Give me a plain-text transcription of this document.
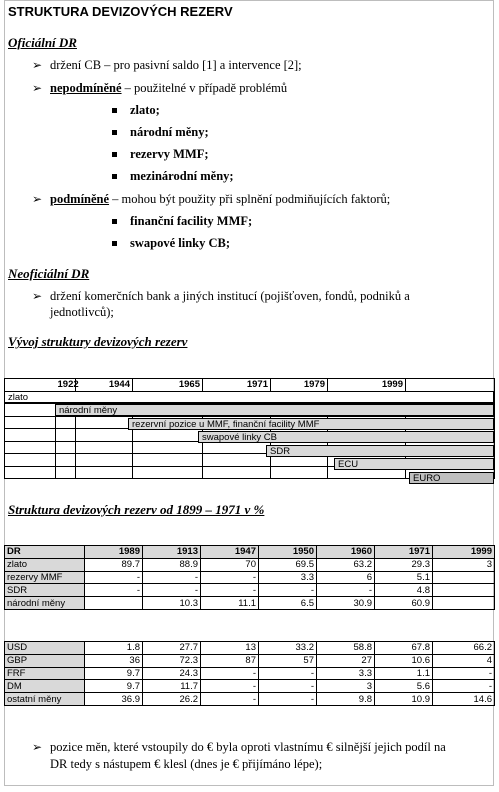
STRUKTURA DEVIZOVÝCH REZERV
Oficiální DR
➢ držení CB – pro pasivní saldo [1] a intervence [2];
➢ nepodmíněné – použitelné v případě problémů
zlato;
národní měny;
rezervy MMF;
mezinárodní měny;
➢ podmíněné – mohou být použity při splnění podmiňujících faktorů;
finanční facility MMF;
swapové linky CB;
Neoficiální DR
➢ držení komerčních bank a jiných institucí (pojišťoven, fondů, podniků a
jednotlivců);
Vývoj struktury devizových rezerv
	1922	1944	1965	1971	1979	1999	

zlato
národní měny
rezervní pozice u MMF, finanční facility MMF
swapové linky CB
SDR
ECU
EURO
Struktura devizových rezerv od 1899 – 1971 v %
DR	1989	1913	1947	1950	1960	1971	1999
zlato	89.7	88.9	70	69.5	63.2	29.3	3
rezervy MMF	-	-	-	3.3	6	5.1	
SDR	-	-	-	-	-	4.8	
národní měny		10.3	11.1	6.5	30.9	60.9	
USD	1.8	27.7	13	33.2	58.8	67.8	66.2
GBP	36	72.3	87	57	27	10.6	4
FRF	9.7	24.3	-	-	3.3	1.1	-
DM	9.7	11.7	-	-	3	5.6	-
ostatní měny	36.9	26.2	-	-	9.8	10.9	14.6
➢ pozice měn, které vstoupily do € byla oproti vlastnímu € silnější jejich podíl na
DR tedy s nástupem € klesl (dnes je € přijímáno lépe);
